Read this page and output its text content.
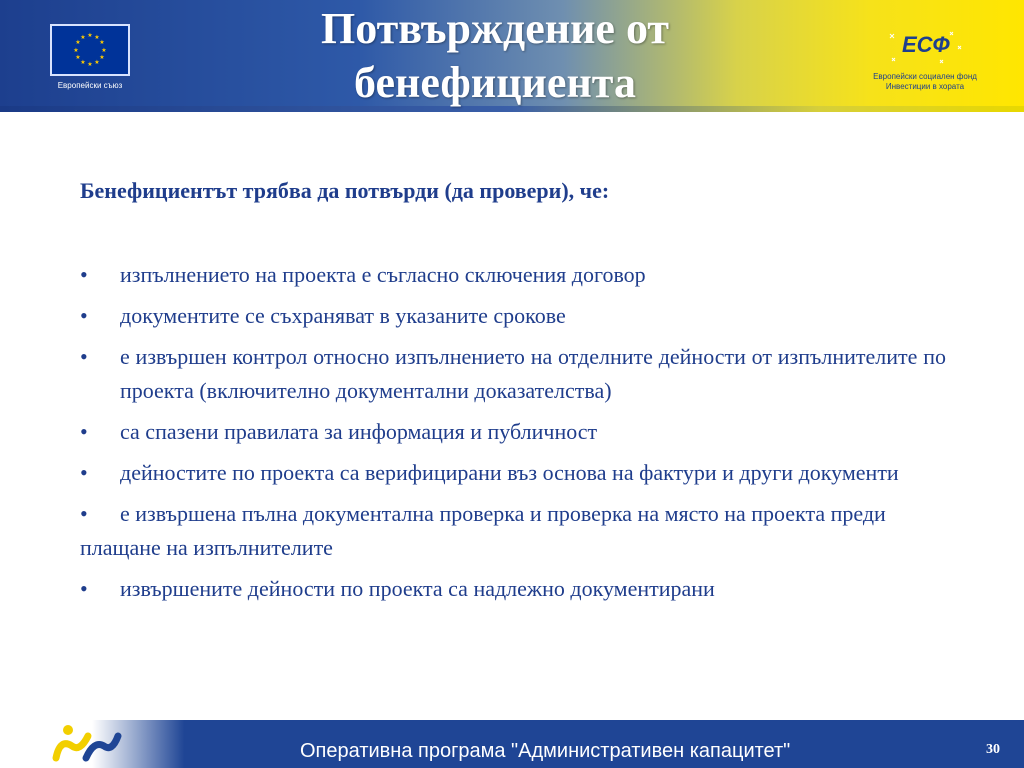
★ ★
★
★
★
★
★
★
★
★
★
★
Европейски съюз
Потвърждение от бенефициента
ЕСФ
Европейски социален фонд
Инвестиции в хората
Бенефициентът трябва да потвърди (да провери), че:
•	изпълнението на проекта е съгласно сключения договор
•	документите се съхраняват в указаните срокове
•	е извършен контрол относно изпълнението на отделните дейности от изпълнителите по проекта (включително документални доказателства)
•	са спазени правилата за информация и публичност
•	дейностите по проекта са верифицирани въз основа на фактури и други документи
•	е извършена пълна документална проверка и проверка на място на проекта преди плащане на изпълнителите
•	извършените дейности по проекта са надлежно документирани
Оперативна програма "Административен капацитет"	30
